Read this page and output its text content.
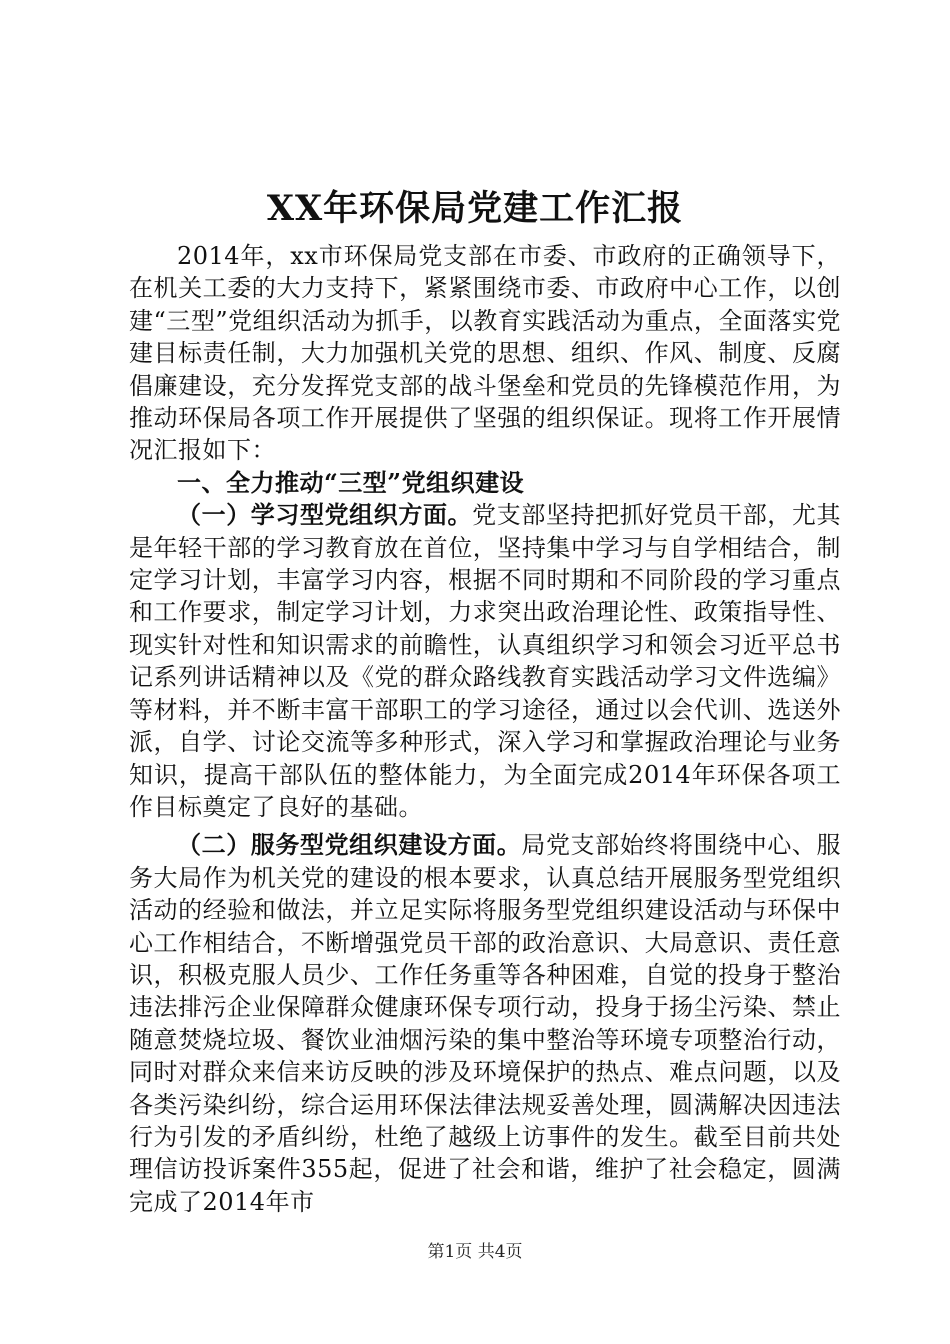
XX年环保局党建工作汇报

2014年，xx市环保局党支部在市委、市政府的正确领导下，在机关工委的大力支持下，紧紧围绕市委、市政府中心工作，以创建“三型”党组织活动为抓手，以教育实践活动为重点，全面落实党建目标责任制，大力加强机关党的思想、组织、作风、制度、反腐倡廉建设，充分发挥党支部的战斗堡垒和党员的先锋模范作用，为推动环保局各项工作开展提供了坚强的组织保证。现将工作开展情况汇报如下：

一、全力推动“三型”党组织建设

（一）学习型党组织方面。党支部坚持把抓好党员干部，尤其是年轻干部的学习教育放在首位，坚持集中学习与自学相结合，制定学习计划，丰富学习内容，根据不同时期和不同阶段的学习重点和工作要求，制定学习计划，力求突出政治理论性、政策指导性、现实针对性和知识需求的前瞻性，认真组织学习和领会习近平总书记系列讲话精神以及《党的群众路线教育实践活动学习文件选编》等材料，并不断丰富干部职工的学习途径，通过以会代训、选送外派，自学、讨论交流等多种形式，深入学习和掌握政治理论与业务知识，提高干部队伍的整体能力，为全面完成2014年环保各项工作目标奠定了良好的基础。

（二）服务型党组织建设方面。局党支部始终将围绕中心、服务大局作为机关党的建设的根本要求，认真总结开展服务型党组织活动的经验和做法，并立足实际将服务型党组织建设活动与环保中心工作相结合，不断增强党员干部的政治意识、大局意识、责任意识，积极克服人员少、工作任务重等各种困难，自觉的投身于整治违法排污企业保障群众健康环保专项行动，投身于扬尘污染、禁止随意焚烧垃圾、餐饮业油烟污染的集中整治等环境专项整治行动，同时对群众来信来访反映的涉及环境保护的热点、难点问题，以及各类污染纠纷，综合运用环保法律法规妥善处理，圆满解决因违法行为引发的矛盾纠纷，杜绝了越级上访事件的发生。截至目前共处理信访投诉案件355起，促进了社会和谐，维护了社会稳定，圆满完成了2014年市

第1页 共4页
